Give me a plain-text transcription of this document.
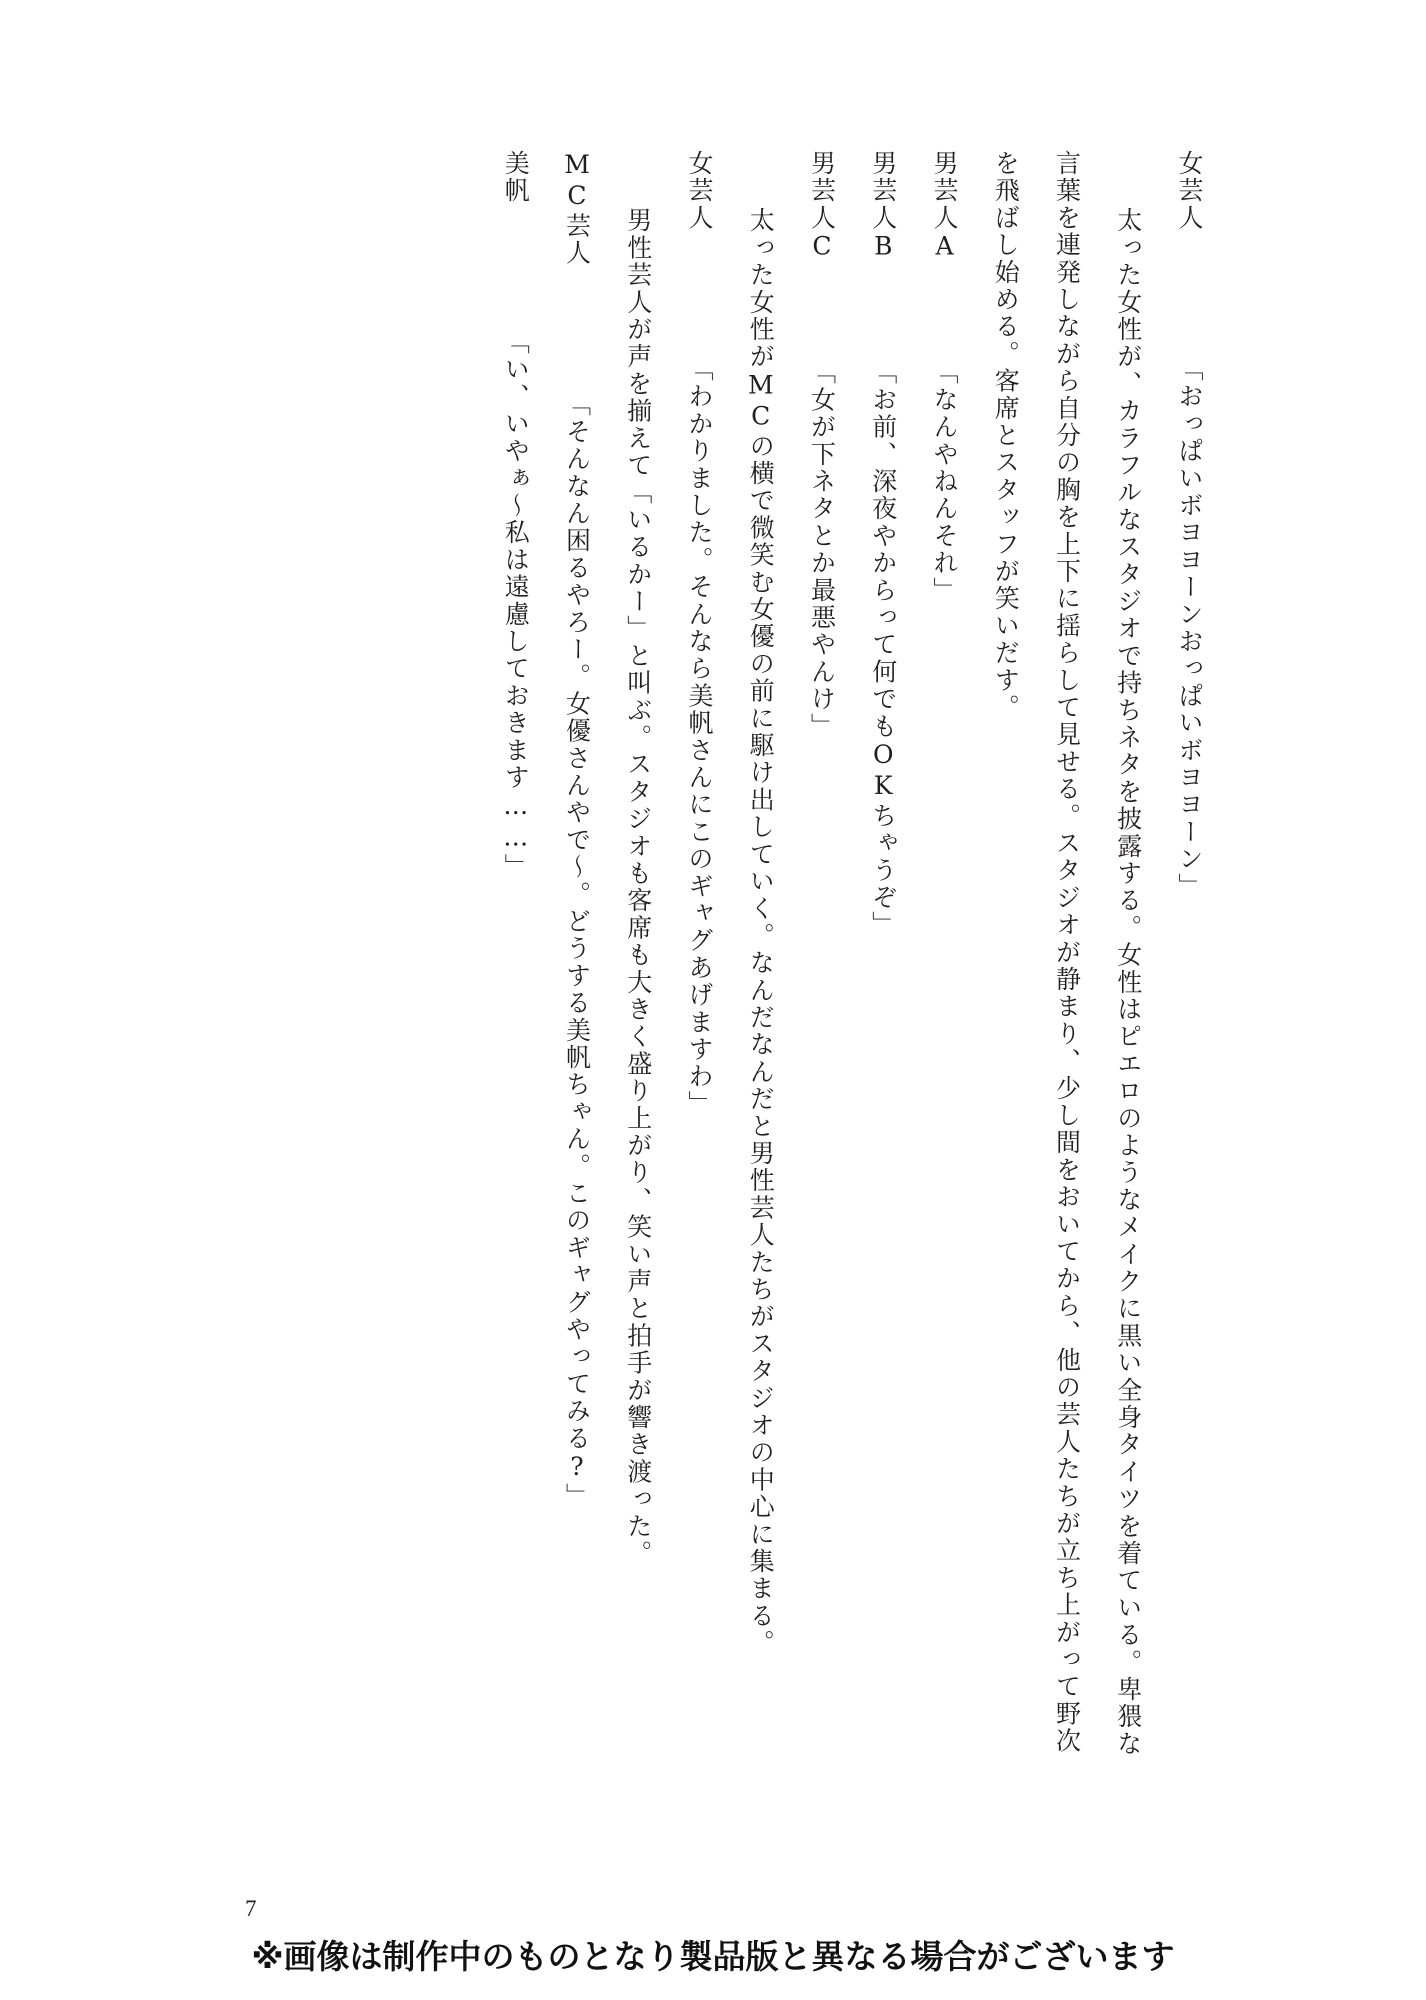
女芸人  「おっぱいボヨヨーンおっぱいボヨヨーン」
太った女性が、カラフルなスタジオで持ちネタを披露する。女性はピエロのようなメイクに黒い全身タイツを着ている。卑猥な言葉を連発しながら自分の胸を上下に揺らして見せる。スタジオが静まり、少し間をおいてから、他の芸人たちが立ち上がって野次を飛ばし始める。客席とスタッフが笑いだす。
男芸人A  「なんやねんそれ」
男芸人B  「お前、深夜やからって何でもOKちゃうぞ」
男芸人C  「女が下ネタとか最悪やんけ」
太った女性がMCの横で微笑む女優の前に駆け出していく。なんだなんだと男性芸人たちがスタジオの中心に集まる。
女芸人  「わかりました。そんなら美帆さんにこのギャグあげますわ」
男性芸人が声を揃えて「いるかー」と叫ぶ。スタジオも客席も大きく盛り上がり、笑い声と拍手が響き渡った。
MC芸人  「そんなん困るやろー。女優さんやで〜。どうする美帆ちゃん。このギャグやってみる?」
美帆  「い、いやぁ〜私は遠慮しておきます……」
7
※画像は制作中のものとなり製品版と異なる場合がございます
